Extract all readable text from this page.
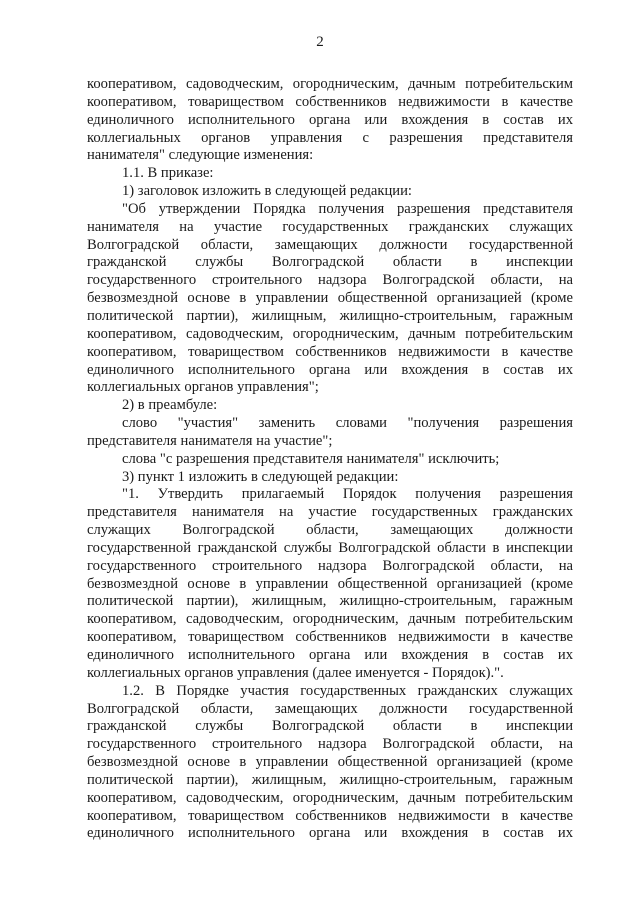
2
кооперативом, садоводческим, огородническим, дачным потребительским
кооперативом, товариществом собственников недвижимости в качестве
единоличного исполнительного органа или вхождения в состав их
коллегиальных органов управления с разрешения представителя
нанимателя" следующие изменения:
1.1. В приказе:
1) заголовок изложить в следующей редакции:
"Об утверждении Порядка получения разрешения представителя
нанимателя на участие государственных гражданских служащих
Волгоградской области, замещающих должности государственной
гражданской службы Волгоградской области в инспекции
государственного строительного надзора Волгоградской области, на
безвозмездной основе в управлении общественной организацией (кроме
политической партии), жилищным, жилищно-строительным, гаражным
кооперативом, садоводческим, огородническим, дачным потребительским
кооперативом, товариществом собственников недвижимости в качестве
единоличного исполнительного органа или вхождения в состав их
коллегиальных органов управления";
2) в преамбуле:
слово "участия" заменить словами "получения разрешения
представителя нанимателя на участие";
слова "с разрешения представителя нанимателя" исключить;
3) пункт 1 изложить в следующей редакции:
"1. Утвердить прилагаемый Порядок получения разрешения
представителя нанимателя на участие государственных гражданских
служащих Волгоградской области, замещающих должности
государственной гражданской службы Волгоградской области в инспекции
государственного строительного надзора Волгоградской области, на
безвозмездной основе в управлении общественной организацией (кроме
политической партии), жилищным, жилищно-строительным, гаражным
кооперативом, садоводческим, огородническим, дачным потребительским
кооперативом, товариществом собственников недвижимости в качестве
единоличного исполнительного органа или вхождения в состав их
коллегиальных органов управления (далее именуется - Порядок).".
1.2. В Порядке участия государственных гражданских служащих
Волгоградской области, замещающих должности государственной
гражданской службы Волгоградской области в инспекции
государственного строительного надзора Волгоградской области, на
безвозмездной основе в управлении общественной организацией (кроме
политической партии), жилищным, жилищно-строительным, гаражным
кооперативом, садоводческим, огородническим, дачным потребительским
кооперативом, товариществом собственников недвижимости в качестве
единоличного исполнительного органа или вхождения в состав их
